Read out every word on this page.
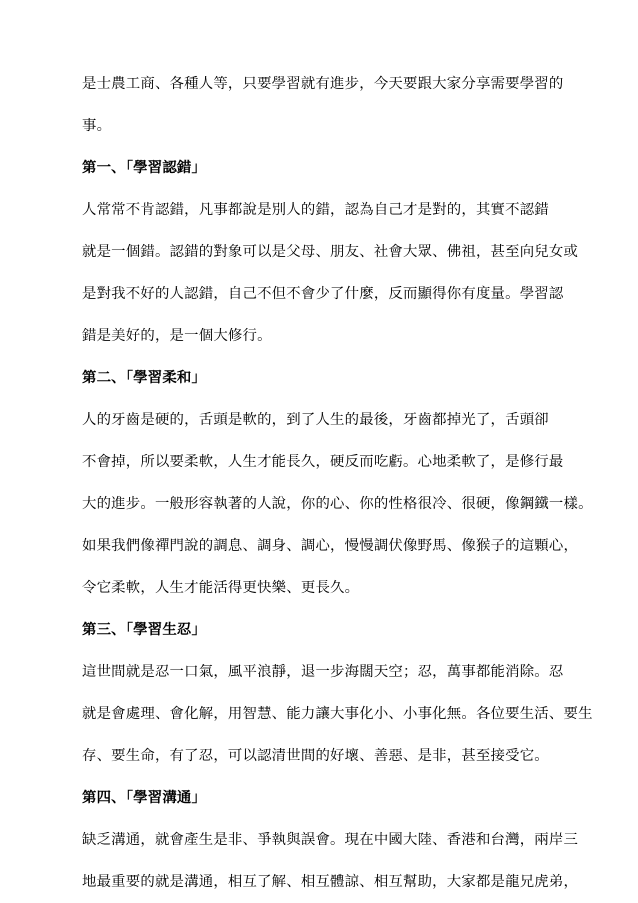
是士農工商、各種人等，只要學習就有進步，今天要跟大家分享需要學習的
事。
第一、「學習認錯」
人常常不肯認錯，凡事都說是別人的錯，認為自己才是對的，其實不認錯
就是一個錯。認錯的對象可以是父母、朋友、社會大眾、佛祖，甚至向兒女或
是對我不好的人認錯，自己不但不會少了什麼，反而顯得你有度量。學習認
錯是美好的，是一個大修行。
第二、「學習柔和」
人的牙齒是硬的，舌頭是軟的，到了人生的最後，牙齒都掉光了，舌頭卻
不會掉，所以要柔軟，人生才能長久，硬反而吃虧。心地柔軟了，是修行最
大的進步。一般形容執著的人說，你的心、你的性格很冷、很硬，像鋼鐵一樣。
如果我們像禪門說的調息、調身、調心，慢慢調伏像野馬、像猴子的這顆心，
令它柔軟，人生才能活得更快樂、更長久。
第三、「學習生忍」
這世間就是忍一口氣，風平浪靜，退一步海闊天空；忍，萬事都能消除。忍
就是會處理、會化解，用智慧、能力讓大事化小、小事化無。各位要生活、要生
存、要生命，有了忍，可以認清世間的好壞、善惡、是非，甚至接受它。
第四、「學習溝通」
缺乏溝通，就會產生是非、爭執與誤會。現在中國大陸、香港和台灣，兩岸三
地最重要的就是溝通，相互了解、相互體諒、相互幫助，大家都是龍兄虎弟，
